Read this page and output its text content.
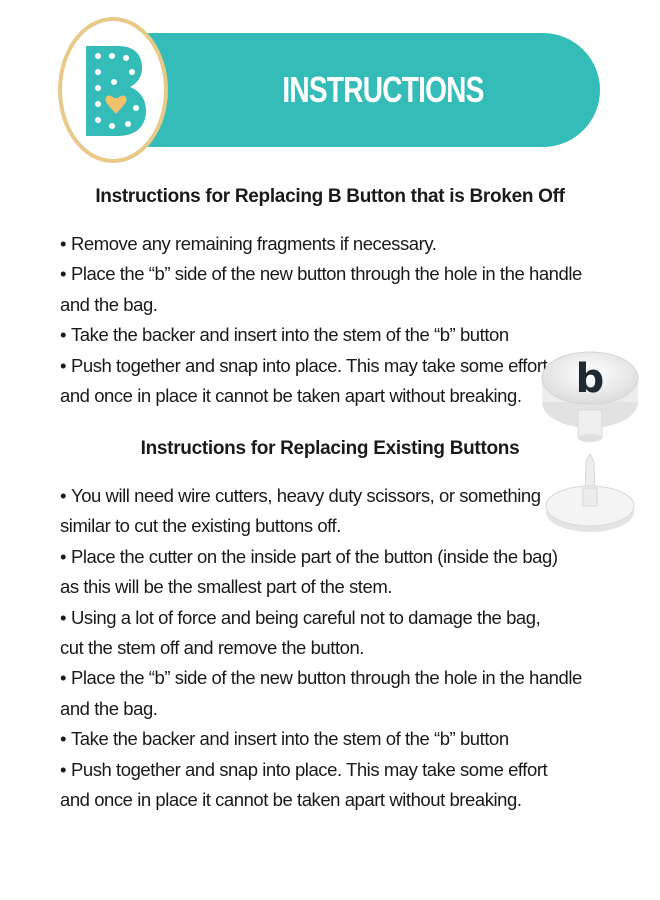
INSTRUCTIONS
Instructions for Replacing B Button that is Broken Off
• Remove any remaining fragments if necessary.
• Place the “b” side of the new button through the hole in the handle
and the bag.
• Take the backer and insert into the stem of the “b” button
• Push together and snap into place. This may take some effort
and once in place it cannot be taken apart without breaking.
Instructions for Replacing Existing Buttons
• You will need wire cutters, heavy duty scissors, or something
similar to cut the existing buttons off.
• Place the cutter on the inside part of the button (inside the bag)
as this will be the smallest part of the stem.
• Using a lot of force and being careful not to damage the bag,
cut the stem off and remove the button.
• Place the “b” side of the new button through the hole in the handle
and the bag.
• Take the backer and insert into the stem of the “b” button
• Push together and snap into place. This may take some effort
and once in place it cannot be taken apart without breaking.
b
